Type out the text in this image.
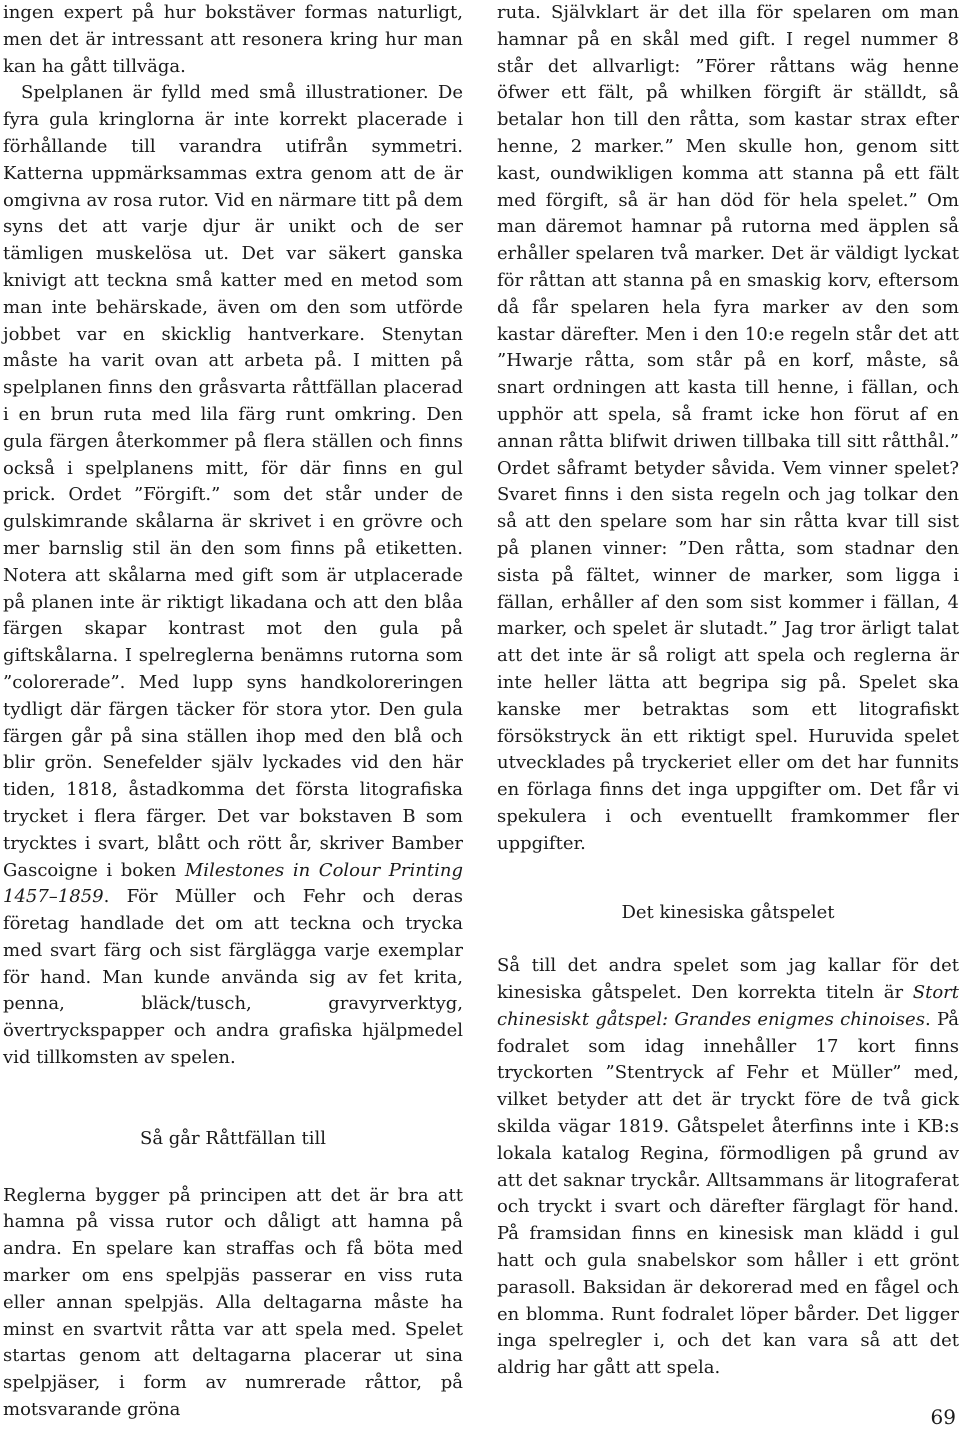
ingen expert på hur bokstäver formas naturligt, men det är intressant att resonera kring hur man kan ha gått tillväga.

Spelplanen är fylld med små illustrationer. De fyra gula kringlorna är inte korrekt placerade i förhållande till varandra utifrån symmetri. Katterna uppmärksammas extra genom att de är omgivna av rosa rutor. Vid en närmare titt på dem syns det att varje djur är unikt och de ser tämligen muskelösa ut. Det var säkert ganska knivigt att teckna små katter med en metod som man inte behärskade, även om den som utförde jobbet var en skicklig hantverkare. Stenytan måste ha varit ovan att arbeta på. I mitten på spelplanen finns den gråsvarta råttfällan placerad i en brun ruta med lila färg runt omkring. Den gula färgen återkommer på flera ställen och finns också i spelplanens mitt, för där finns en gul prick. Ordet ”Förgift.” som det står under de gulskimrande skålarna är skrivet i en grövre och mer barnslig stil än den som finns på etiketten. Notera att skålarna med gift som är utplacerade på planen inte är riktigt likadana och att den blåa färgen skapar kontrast mot den gula på giftskålarna. I spelreglerna benämns rutorna som ”colorerade”. Med lupp syns handkoloreringen tydligt där färgen täcker för stora ytor. Den gula färgen går på sina ställen ihop med den blå och blir grön. Senefelder själv lyckades vid den här tiden, 1818, åstadkomma det första litografiska trycket i flera färger. Det var bokstaven B som trycktes i svart, blått och rött år, skriver Bamber Gascoigne i boken Milestones in Colour Printing 1457–1859. För Müller och Fehr och deras företag handlade det om att teckna och trycka med svart färg och sist färglägga varje exemplar för hand. Man kunde använda sig av fet krita, penna, bläck/tusch, gravyrverktyg, övertryckspapper och andra grafiska hjälpmedel vid tillkomsten av spelen.

Så går Råttfällan till

Reglerna bygger på principen att det är bra att hamna på vissa rutor och dåligt att hamna på andra. En spelare kan straffas och få böta med marker om ens spelpjäs passerar en viss ruta eller annan spelpjäs. Alla deltagarna måste ha minst en svartvit råtta var att spela med. Spelet startas genom att deltagarna placerar ut sina spelpjäser, i form av numrerade råttor, på motsvarande gröna

ruta. Självklart är det illa för spelaren om man hamnar på en skål med gift. I regel nummer 8 står det allvarligt: ”Förer råttans wäg henne öfwer ett fält, på whilken förgift är ställdt, så betalar hon till den råtta, som kastar strax efter henne, 2 marker.” Men skulle hon, genom sitt kast, oundwikligen komma att stanna på ett fält med förgift, så är han död för hela spelet.” Om man däremot hamnar på rutorna med äpplen så erhåller spelaren två marker. Det är väldigt lyckat för råttan att stanna på en smaskig korv, eftersom då får spelaren hela fyra marker av den som kastar därefter. Men i den 10:e regeln står det att ”Hwarje råtta, som står på en korf, måste, så snart ordningen att kasta till henne, i fällan, och upphör att spela, så framt icke hon förut af en annan råtta blifwit driwen tillbaka till sitt råtthål.” Ordet såframt betyder såvida. Vem vinner spelet? Svaret finns i den sista regeln och jag tolkar den så att den spelare som har sin råtta kvar till sist på planen vinner: ”Den råtta, som stadnar den sista på fältet, winner de marker, som ligga i fällan, erhåller af den som sist kommer i fällan, 4 marker, och spelet är slutadt.” Jag tror ärligt talat att det inte är så roligt att spela och reglerna är inte heller lätta att begripa sig på. Spelet ska kanske mer betraktas som ett litografiskt försökstryck än ett riktigt spel. Huruvida spelet utvecklades på tryckeriet eller om det har funnits en förlaga finns det inga uppgifter om. Det får vi spekulera i och eventuellt framkommer fler uppgifter.

Det kinesiska gåtspelet

Så till det andra spelet som jag kallar för det kinesiska gåtspelet. Den korrekta titeln är Stort chinesiskt gåtspel: Grandes enigmes chinoises. På fodralet som idag innehåller 17 kort finns tryckorten ”Stentryck af Fehr et Müller” med, vilket betyder att det är tryckt före de två gick skilda vägar 1819. Gåtspelet återfinns inte i KB:s lokala katalog Regina, förmodligen på grund av att det saknar tryckår. Alltsammans är litograferat och tryckt i svart och därefter färglagt för hand. På framsidan finns en kinesisk man klädd i gul hatt och gula snabelskor som håller i ett grönt parasoll. Baksidan är dekorerad med en fågel och en blomma. Runt fodralet löper bårder. Det ligger inga spelregler i, och det kan vara så att det aldrig har gått att spela.

69
